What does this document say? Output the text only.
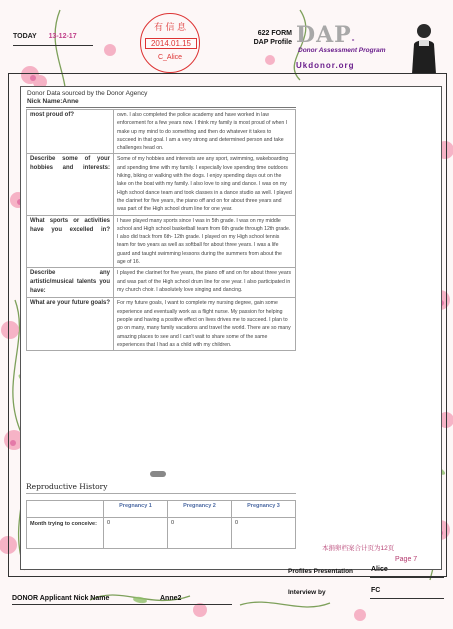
TODAY 13-12-17
有 信 息
2014.01.15
C_Alice
622 FORM
DAP Profile DAP-Ukdonor.org
Donor Assessment Program
Donor Data sourced by the Donor Agency
Nick Name:Anne
most proud of?	own. I also completed the police academy and have worked in law enforcement for a few years now. I think my family is most proud of when I make up my mind to do something and then do whatever it takes to succeed in that goal. I am a very strong and determined person and take challenges head on.
Describe some of your hobbies and interests:	Some of my hobbies and interests are any sport, swimming, wakeboarding and spending time with my family. I especially love spending time outdoors hiking, biking or walking with the dogs. I enjoy spending days out on the lake on the boat with my family. I also love to sing and dance. I was on my High school dance team and took classes in a dance studio as well. I played the clarinet for five years, the piano off and on for about three years and was part of the High school drum line for one year.
What sports or activities have you excelled in?	I have played many sports since I was in 5th grade. I was on my middle school and High school basketball team from 6th grade through 12th grade. I also did track from 6th- 12th grade. I played on my High school tennis team for two years as well as softball for about three years. I was a life guard and taught swimming lessons during the summers from about the age of 16.
Describe any artistic/musical talents you have:	I played the clarinet for five years, the piano off and on for about three years and was part of the High school drum line for one year. I also participated in my church choir. I absolutely love singing and dancing.
What are your future goals?	For my future goals, I want to complete my nursing degree, gain some experience and eventually work as a flight nurse. My passion for helping people and having a positive effect on lives drives me to succeed. I plan to go on many, many family vacations and travel the world. There are so many amazing places to see and I can't wait to share some of the same experiences that I had as a child with my children.
Reproductive History
	Pregnancy 1	Pregnancy 2	Pregnancy 3
Month trying to conceive:	0	0	0
本捐卵档案合计页为12页
Page 7
Profiles Presentation	Alice
Interview by	FC
DONOR Applicant Nick Name	Anne2
